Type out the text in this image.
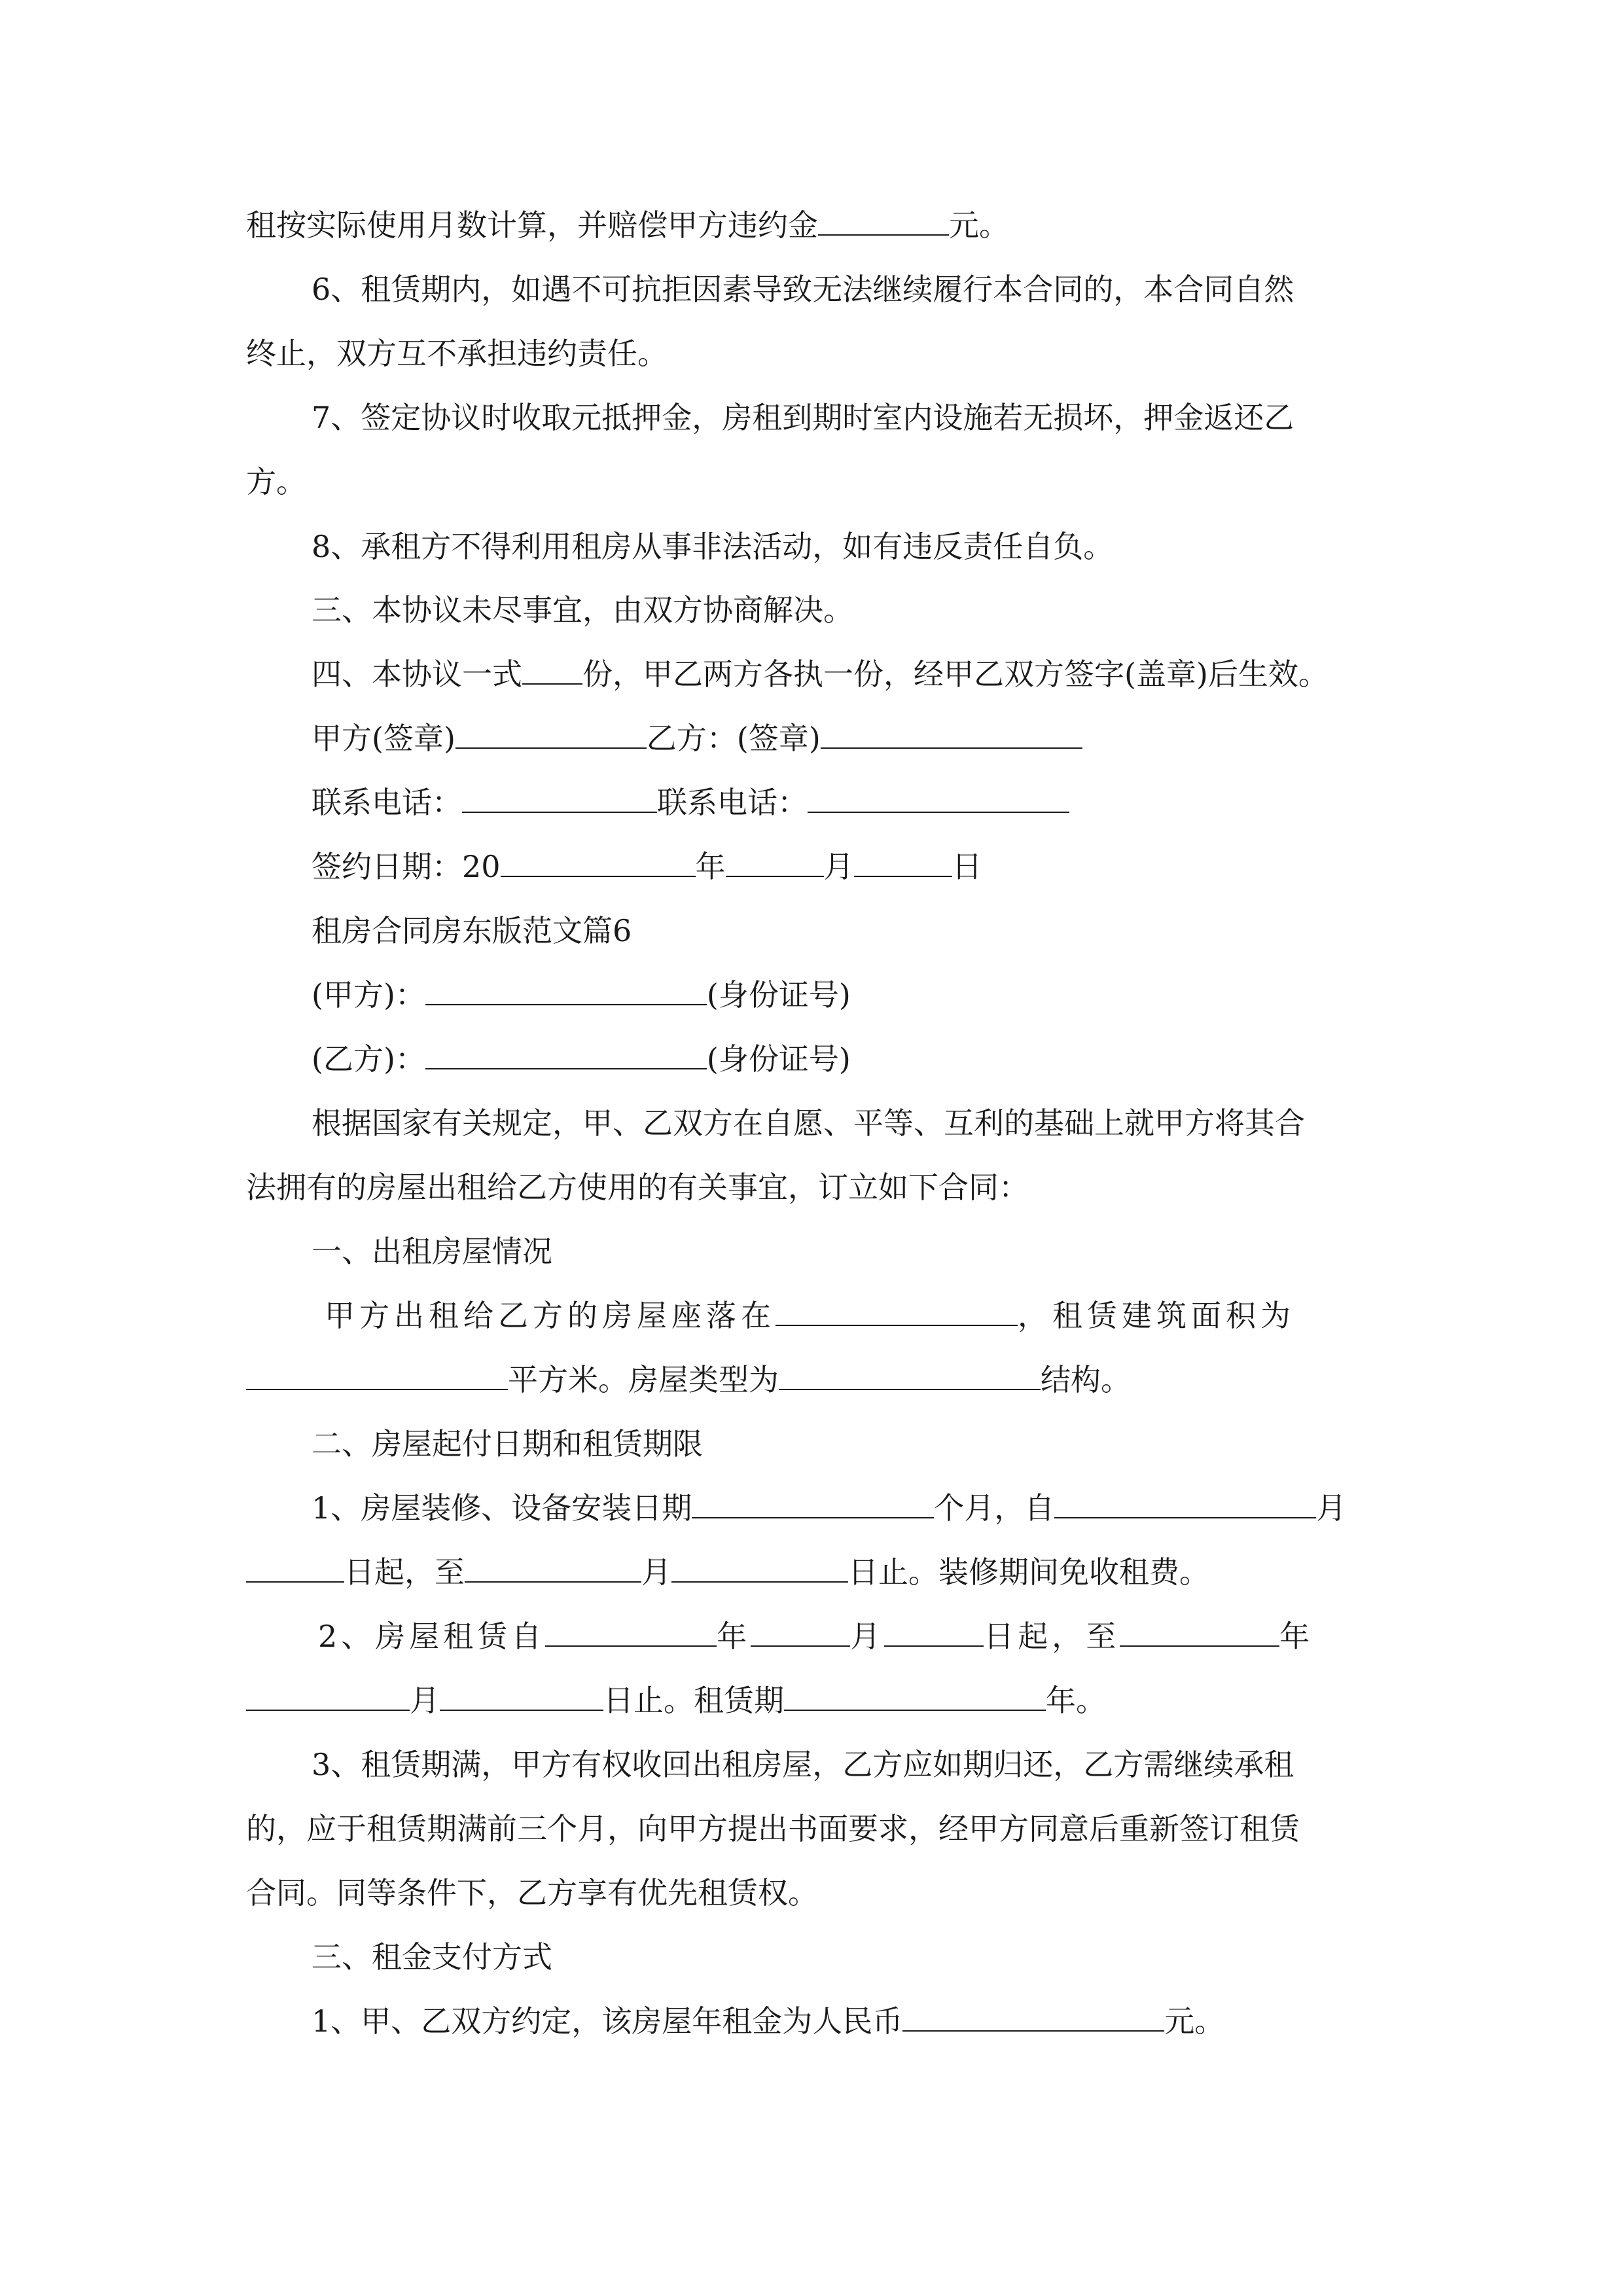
租按实际使用月数计算，并赔偿甲方违约金	元。
6、租赁期内，如遇不可抗拒因素导致无法继续履行本合同的，本合同自然
终止，双方互不承担违约责任。
7、签定协议时收取元抵押金，房租到期时室内设施若无损坏，押金返还乙
方。
8、承租方不得利用租房从事非法活动，如有违反责任自负。
三、本协议未尽事宜，由双方协商解决。
四、本协议一式 份，甲乙两方各执一份，经甲乙双方签字(盖章)后生效。
甲方(签章)	乙方：(签章)
联系电话：	联系电话：
签约日期：20	年	月	日
租房合同房东版范文篇6
(甲方)：	(身份证号)
(乙方)：	(身份证号)
根据国家有关规定，甲、乙双方在自愿、平等、互利的基础上就甲方将其合
法拥有的房屋出租给乙方使用的有关事宜，订立如下合同：
一、出租房屋情况
甲方出租给乙方的房屋座落在	，租赁建筑面积为
平方米。房屋类型为	结构。
二、房屋起付日期和租赁期限
1、房屋装修、设备安装日期	个月，自	月
日起，至	月	日止。装修期间免收租费。
2、房屋租赁自	年	月	日起，至	年
月	日止。租赁期	年。
3、租赁期满，甲方有权收回出租房屋，乙方应如期归还，乙方需继续承租
的，应于租赁期满前三个月，向甲方提出书面要求，经甲方同意后重新签订租赁
合同。同等条件下，乙方享有优先租赁权。
三、租金支付方式
1、甲、乙双方约定，该房屋年租金为人民币	元。
